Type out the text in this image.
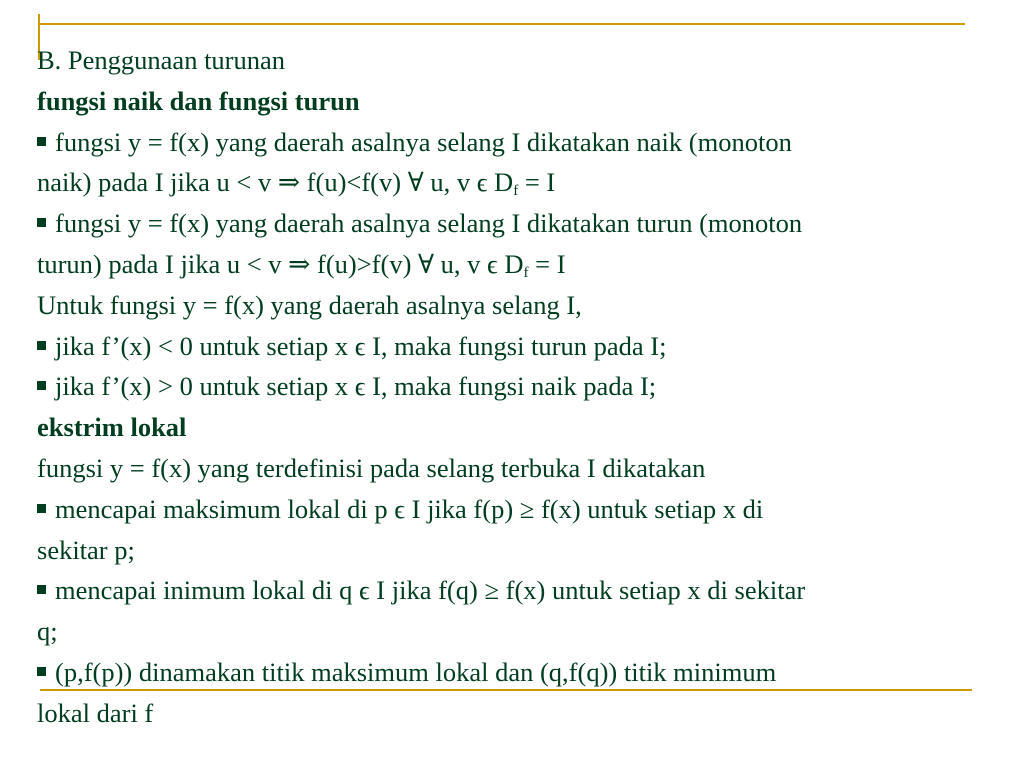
B. Penggunaan turunan
fungsi naik dan fungsi turun
fungsi y = f(x) yang daerah asalnya selang I dikatakan naik (monoton
naik) pada I jika u < v ⇒ f(u)<f(v) ∀ u, v ϵ $D_f = I$
fungsi y = f(x) yang daerah asalnya selang I dikatakan turun (monoton
turun) pada I jika u < v ⇒ f(u)>f(v) ∀ u, v ϵ $D_f = I$
Untuk fungsi y = f(x) yang daerah asalnya selang I,
jika f’(x) < 0 untuk setiap x ϵ I, maka fungsi turun pada I;
jika f’(x) > 0 untuk setiap x ϵ I, maka fungsi naik pada I;
ekstrim lokal
fungsi y = f(x) yang terdefinisi pada selang terbuka I dikatakan
mencapai maksimum lokal di p ϵ I jika f(p) ≥ f(x) untuk setiap x di
sekitar p;
mencapai inimum lokal di q ϵ I jika f(q) ≥ f(x) untuk setiap x di sekitar
q;
(p,f(p)) dinamakan titik maksimum lokal dan (q,f(q)) titik minimum
lokal dari f
